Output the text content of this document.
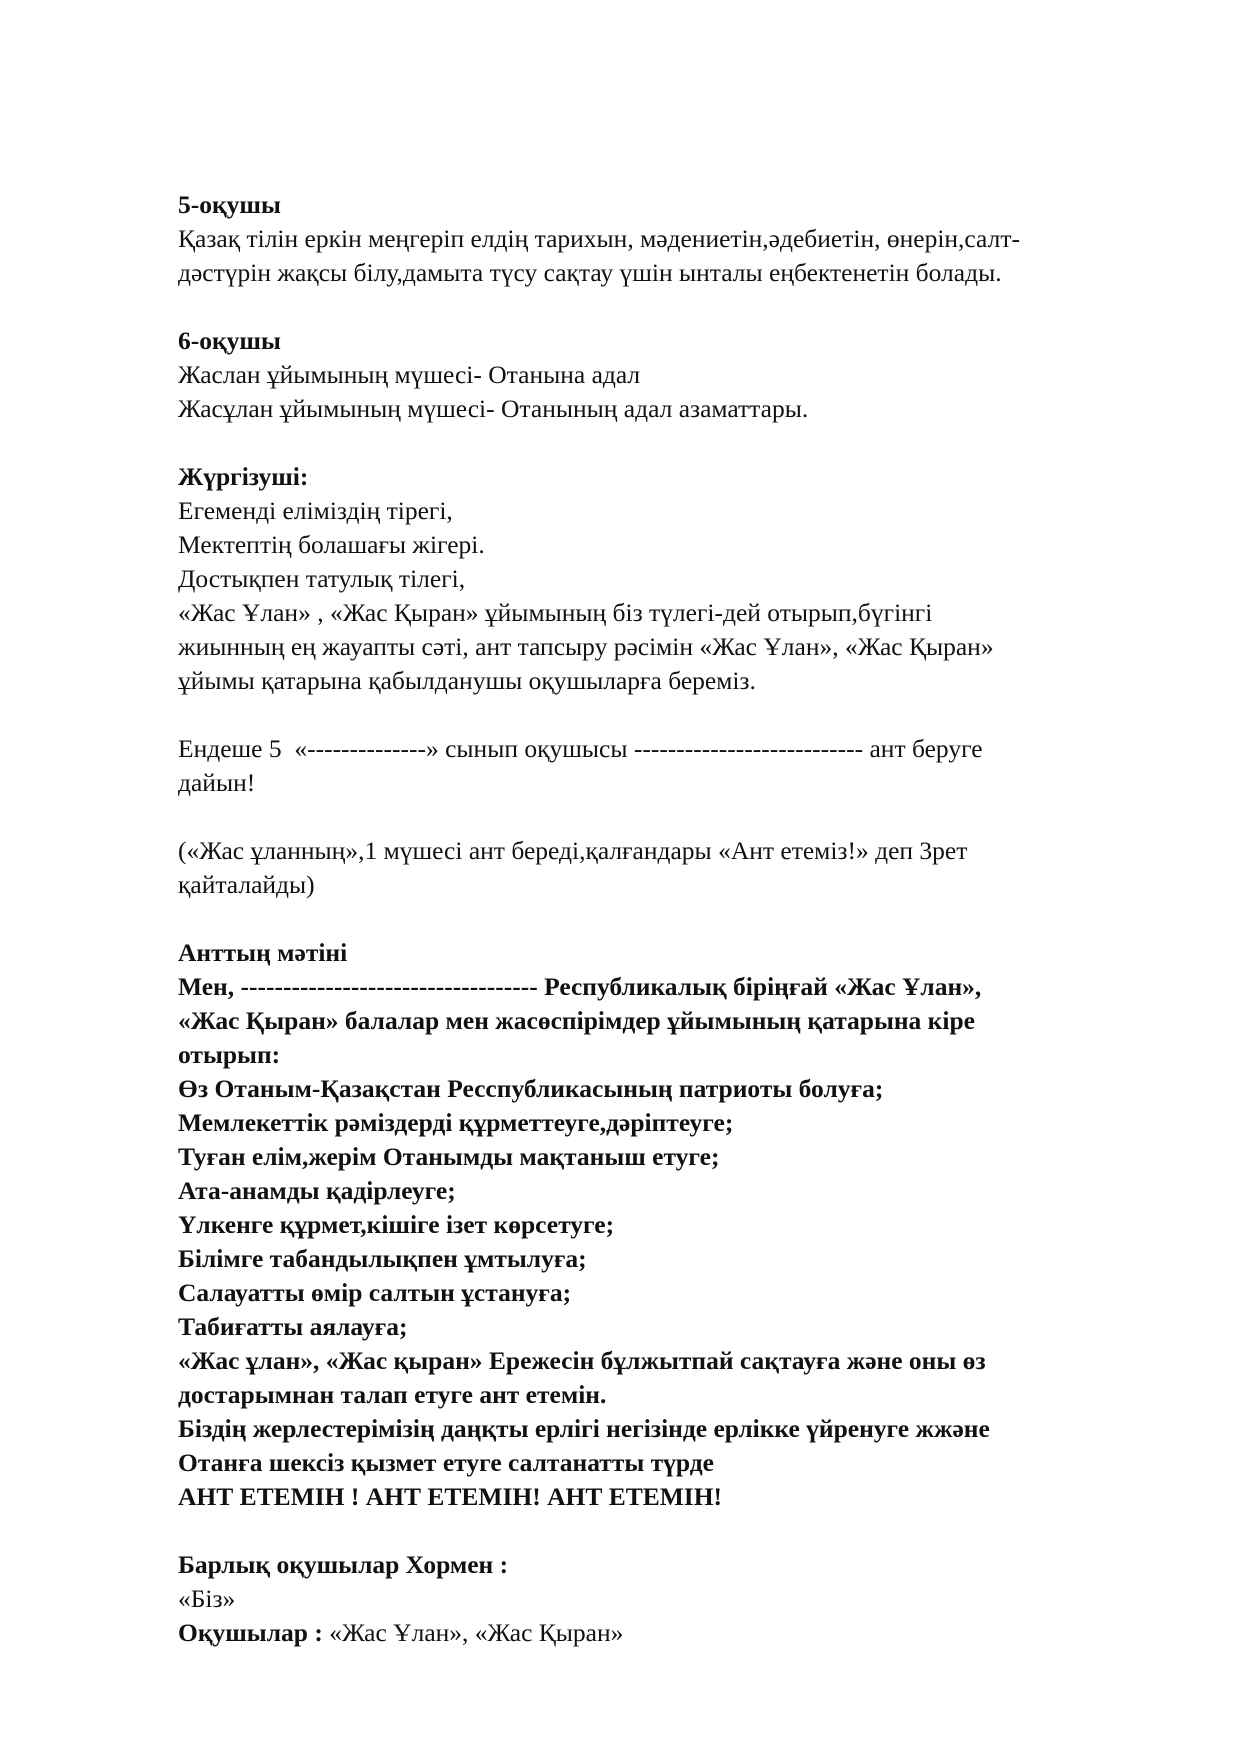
5-оқушы
Қазақ тілін еркін меңгеріп елдің тарихын, мәдениетін,әдебиетін, өнерін,салт-
дәстүрін жақсы білу,дамыта түсу сақтау үшін ынталы еңбектенетін болады.
6-оқушы
Жаслан ұйымының мүшесі- Отанына адал
Жасұлан ұйымының мүшесі- Отанының адал азаматтары.
Жүргізуші:
Егеменді еліміздің тірегі,
Мектептің болашағы жігері.
Достықпен татулық тілегі,
«Жас Ұлан» , «Жас Қыран» ұйымының біз түлегі-дей отырып,бүгінгі
жиынның ең жауапты сәті, ант тапсыру рәсімін «Жас Ұлан», «Жас Қыран»
ұйымы қатарына қабылданушы оқушыларға береміз.
Ендеше 5  «--------------» сынып оқушысы --------------------------- ант беруге
дайын!
(«Жас ұланның»,1 мүшесі ант береді,қалғандары «Ант етеміз!» деп 3рет
қайталайды)
Анттың мәтіні
Мен, ----------------------------------- Республикалық біріңғай «Жас Ұлан»,
«Жас Қыран» балалар мен жасөспірімдер ұйымының қатарына кіре
отырып:
Өз Отаным-Қазақстан Ресспубликасының патриоты болуға;
Мемлекеттік рәміздерді құрметтеуге,дәріптеуге;
Туған елім,жерім Отанымды мақтаныш етуге;
Ата-анамды қадірлеуге;
Үлкенге құрмет,кішіге ізет көрсетуге;
Білімге табандылықпен ұмтылуға;
Салауатты өмір салтын ұстануға;
Табиғатты аялауға;
«Жас ұлан», «Жас қыран» Ережесін бұлжытпай сақтауға және оны өз
достарымнан талап етуге ант етемін.
Біздің жерлестерімізің даңқты ерлігі негізінде ерлікке үйренуге жжәне
Отанға шексіз қызмет етуге салтанатты түрде
АНТ ЕТЕМІН ! АНТ ЕТЕМІН! АНТ ЕТЕМІН!
Барлық оқушылар Хормен :
«Біз»
Оқушылар : «Жас Ұлан», «Жас Қыран»
